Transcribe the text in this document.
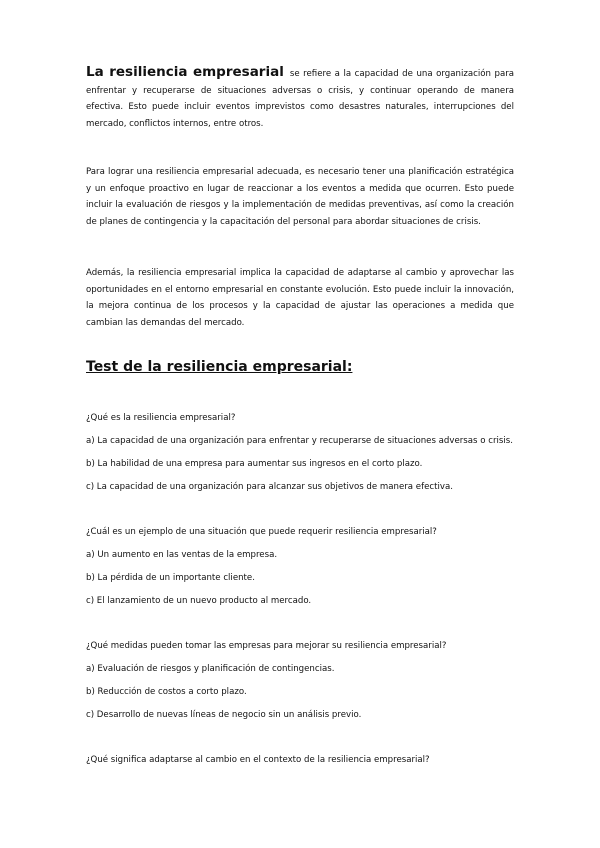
La resiliencia empresarial se refiere a la capacidad de una organización para enfrentar y recuperarse de situaciones adversas o crisis, y continuar operando de manera efectiva. Esto puede incluir eventos imprevistos como desastres naturales, interrupciones del mercado, conflictos internos, entre otros.

Para lograr una resiliencia empresarial adecuada, es necesario tener una planificación estratégica y un enfoque proactivo en lugar de reaccionar a los eventos a medida que ocurren. Esto puede incluir la evaluación de riesgos y la implementación de medidas preventivas, así como la creación de planes de contingencia y la capacitación del personal para abordar situaciones de crisis.

Además, la resiliencia empresarial implica la capacidad de adaptarse al cambio y aprovechar las oportunidades en el entorno empresarial en constante evolución. Esto puede incluir la innovación, la mejora continua de los procesos y la capacidad de ajustar las operaciones a medida que cambian las demandas del mercado.

Test de la resiliencia empresarial:
¿Qué es la resiliencia empresarial?
a) La capacidad de una organización para enfrentar y recuperarse de situaciones adversas o crisis.
b) La habilidad de una empresa para aumentar sus ingresos en el corto plazo.
c) La capacidad de una organización para alcanzar sus objetivos de manera efectiva.
¿Cuál es un ejemplo de una situación que puede requerir resiliencia empresarial?
a) Un aumento en las ventas de la empresa.
b) La pérdida de un importante cliente.
c) El lanzamiento de un nuevo producto al mercado.
¿Qué medidas pueden tomar las empresas para mejorar su resiliencia empresarial?
a) Evaluación de riesgos y planificación de contingencias.
b) Reducción de costos a corto plazo.
c) Desarrollo de nuevas líneas de negocio sin un análisis previo.
¿Qué significa adaptarse al cambio en el contexto de la resiliencia empresarial?
